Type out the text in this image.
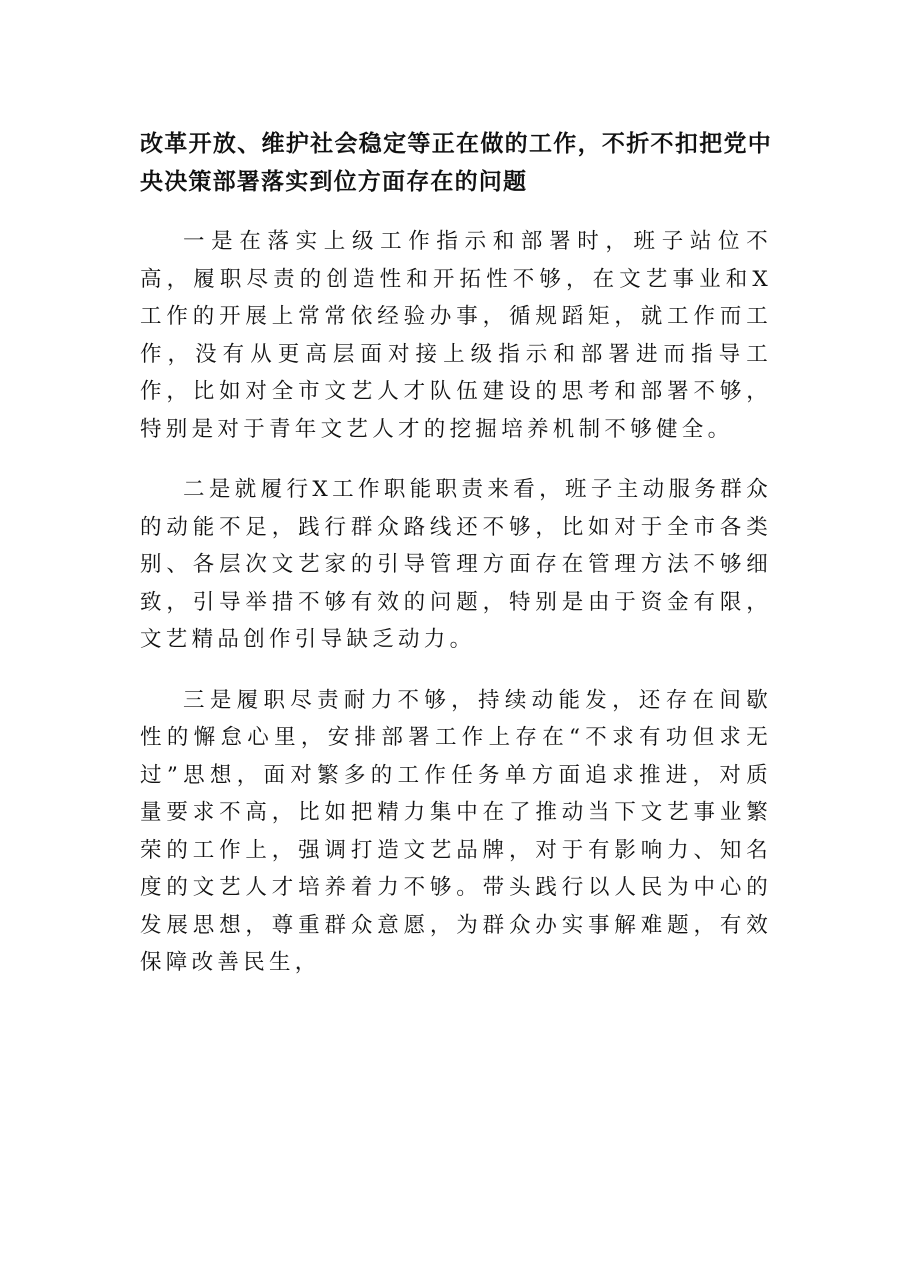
改革开放、维护社会稳定等正在做的工作，不折不扣把党中央决策部署落实到位方面存在的问题

一是在落实上级工作指示和部署时，班子站位不高，履职尽责的创造性和开拓性不够，在文艺事业和X工作的开展上常常依经验办事，循规蹈矩，就工作而工作，没有从更高层面对接上级指示和部署进而指导工作，比如对全市文艺人才队伍建设的思考和部署不够，特别是对于青年文艺人才的挖掘培养机制不够健全。

二是就履行X工作职能职责来看，班子主动服务群众的动能不足，践行群众路线还不够，比如对于全市各类别、各层次文艺家的引导管理方面存在管理方法不够细致，引导举措不够有效的问题，特别是由于资金有限，文艺精品创作引导缺乏动力。

三是履职尽责耐力不够，持续动能发，还存在间歇性的懈怠心里，安排部署工作上存在“不求有功但求无过”思想，面对繁多的工作任务单方面追求推进，对质量要求不高，比如把精力集中在了推动当下文艺事业繁荣的工作上，强调打造文艺品牌，对于有影响力、知名度的文艺人才培养着力不够。带头践行以人民为中心的发展思想，尊重群众意愿，为群众办实事解难题，有效保障改善民生，
